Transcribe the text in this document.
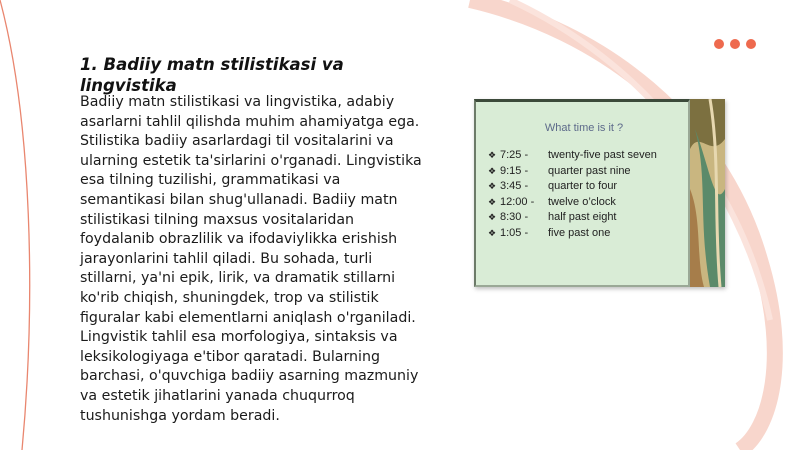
1. Badiiy matn stilistikasi va lingvistika

Badiiy matn stilistikasi va lingvistika, adabiy asarlarni tahlil qilishda muhim ahamiyatga ega. Stilistika badiiy asarlardagi til vositalarini va ularning estetik ta'sirlarini o'rganadi. Lingvistika esa tilning tuzilishi, grammatikasi va semantikasi bilan shug'ullanadi. Badiiy matn stilistikasi tilning maxsus vositalaridan foydalanib obrazlilik va ifodaviylikka erishish jarayonlarini tahlil qiladi. Bu sohada, turli stillarni, ya'ni epik, lirik, va dramatik stillarni ko'rib chiqish, shuningdek, trop va stilistik figuralar kabi elementlarni aniqlash o'rganiladi. Lingvistik tahlil esa morfologiya, sintaksis va leksikologiyaga e'tibor qaratadi. Bularning barchasi, o'quvchiga badiiy asarning mazmuniy va estetik jihatlarini yanada chuqurroq tushunishga yordam beradi.

What time is it ?
❖ 7:25 -	twenty-five past seven
❖ 9:15 -	quarter past nine
❖ 3:45 -	quarter to four
❖ 12:00 -	twelve o’clock
❖ 8:30 -	half past eight
❖ 1:05 -	five past one
